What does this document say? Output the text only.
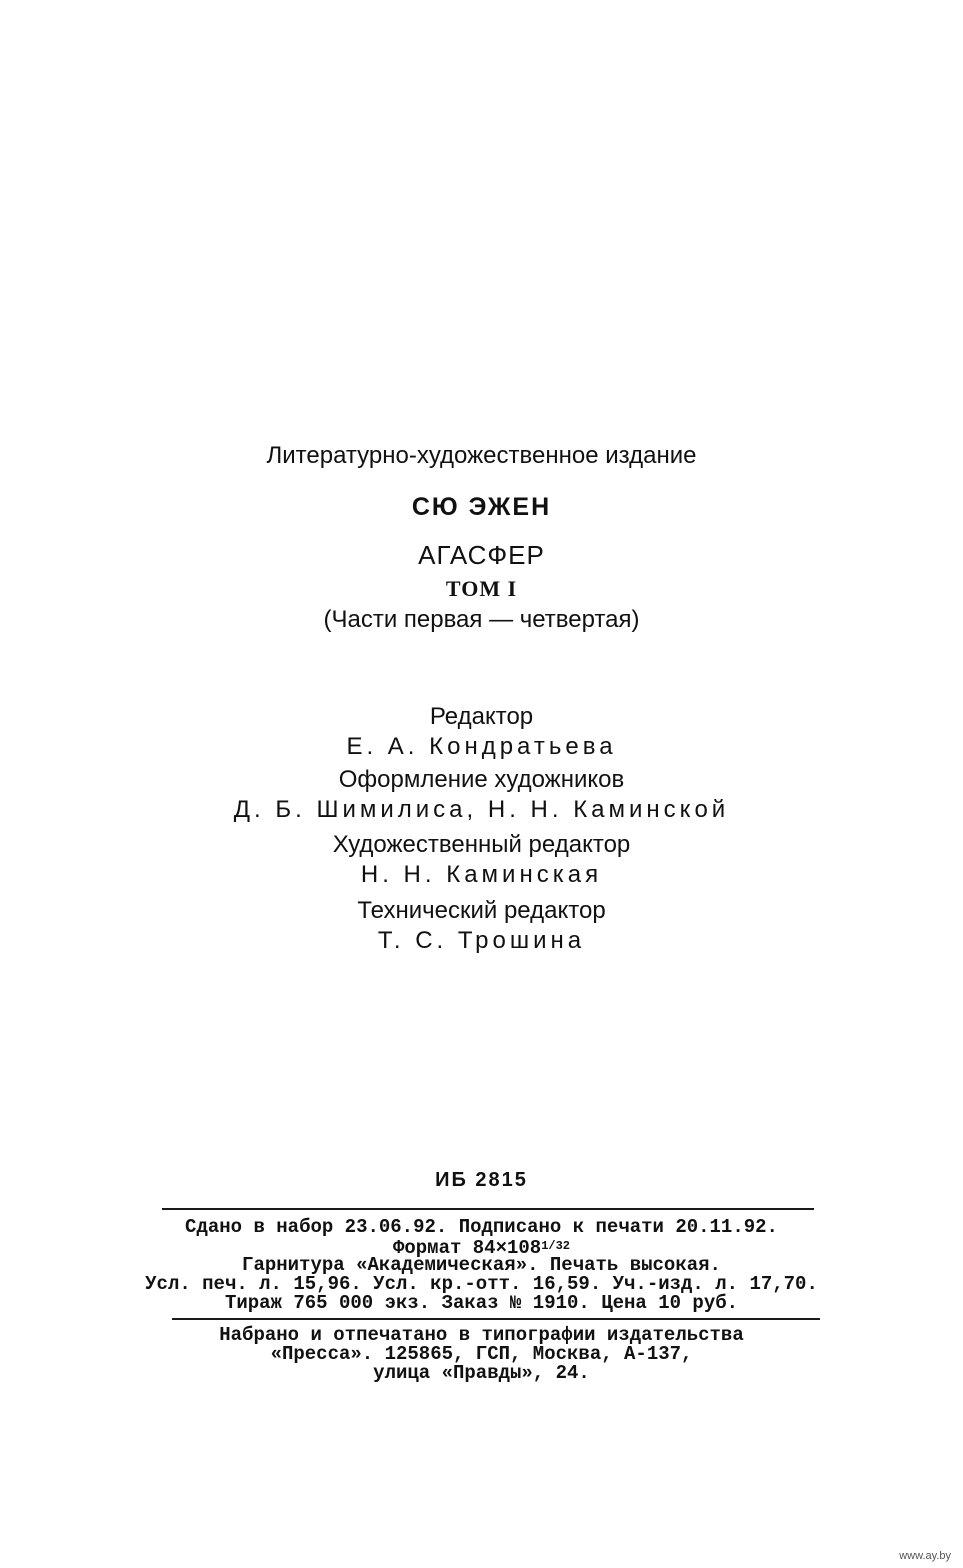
Литературно-художественное издание
СЮ ЭЖЕН
АГАСФЕР
ТОМ I
(Части первая — четвертая)
Редактор
Е. А. Кондратьева
Оформление художников
Д. Б. Шимилиса, Н. Н. Каминской
Художественный редактор
Н. Н. Каминская
Технический редактор
Т. С. Трошина
ИБ 2815
Сдано в набор 23.06.92. Подписано к печати 20.11.92.
Формат $84\times 108^{1/32}$
Гарнитура «Академическая». Печать высокая.
Усл. печ. л. 15,96. Усл. кр.-отт. 16,59. Уч.-изд. л. 17,70.
Тираж 765 000 экз. Заказ № 1910. Цена 10 руб.
Набрано и отпечатано в типографии издательства
«Пресса». 125865, ГСП, Москва, А-137,
улица «Правды», 24.
www.ay.by
